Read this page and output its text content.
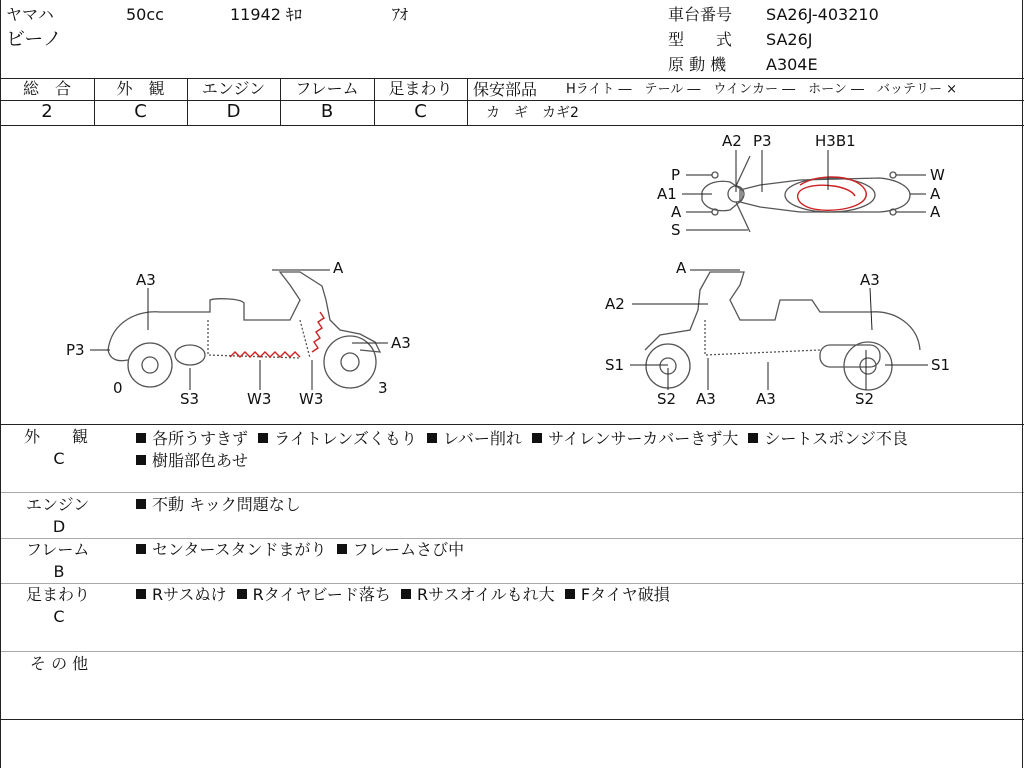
ヤマハ	50cc	11942 ｷﾛ	ｱｵ
ビーノ
車台番号 SA26J-403210
型　　式 SA26J
原 動 機 A304E
総　合
2
外　観
C
エンジン
D
フレーム
B
足まわり
C
保安部品 Hライト ―　テール ―　ウインカー ―　ホーン ―　バッテリー ×
カ　ギ　カギ2
A3
A
A3
P3
0
S3	W3 W3
3
A2 P3	H3B1
P	W
A1	A
A	A
S
A
A3
A2
S1	S1
S2 A3	A3	S2
外　　観
C
各所うすきず ライトレンズくもり レバー削れ サイレンサーカバーきず大 シートスポンジ不良
樹脂部色あせ
エンジン
D
不動 キック問題なし
フレーム
B
センタースタンドまがり フレームさび中
足まわり
C
Rサスぬけ Rタイヤビード落ち Rサスオイルもれ大 Fタイヤ破損
そ の 他
